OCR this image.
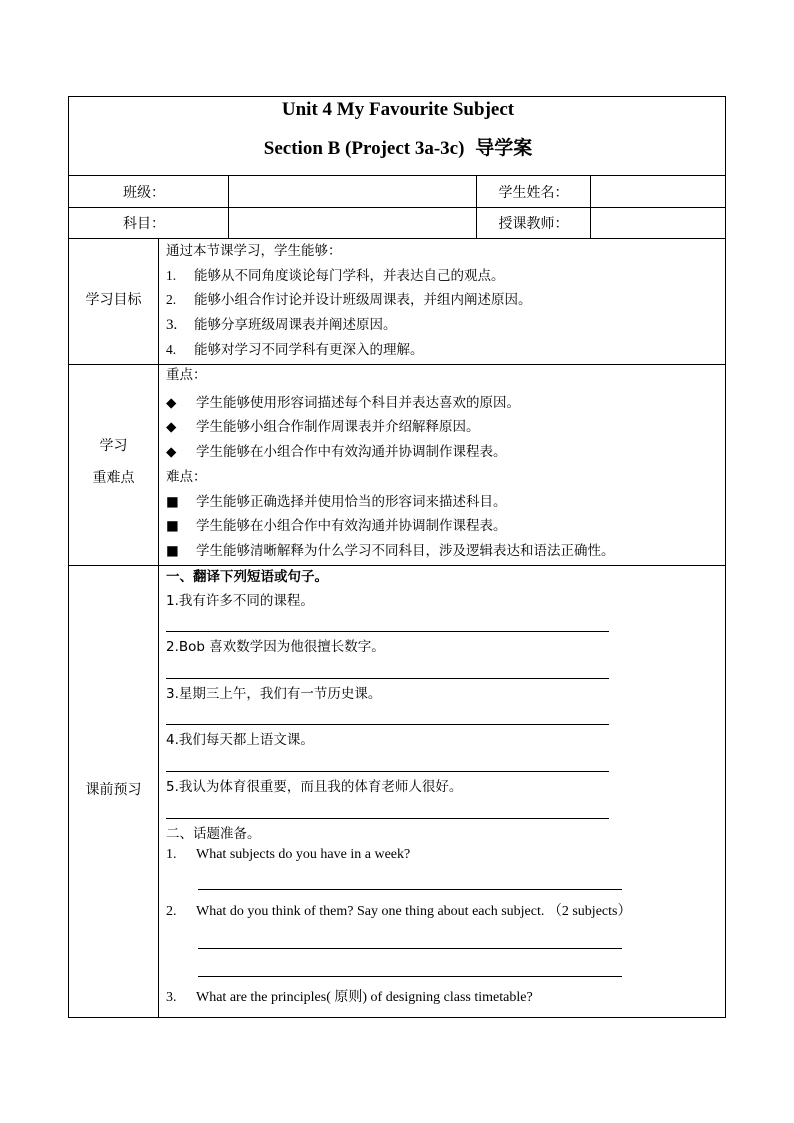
Unit 4 My Favourite Subject
Section B (Project 3a-3c) 导学案
班级：	学生姓名：
科目：	授课教师：
学习目标
通过本节课学习，学生能够：
1. 能够从不同角度谈论每门学科，并表达自己的观点。
2. 能够小组合作讨论并设计班级周课表，并组内阐述原因。
3. 能够分享班级周课表并阐述原因。
4. 能够对学习不同学科有更深入的理解。
学习
重难点
重点：
◆ 学生能够使用形容词描述每个科目并表达喜欢的原因。
◆ 学生能够小组合作制作周课表并介绍解释原因。
◆ 学生能够在小组合作中有效沟通并协调制作课程表。
难点：
■ 学生能够正确选择并使用恰当的形容词来描述科目。
■ 学生能够在小组合作中有效沟通并协调制作课程表。
■ 学生能够清晰解释为什么学习不同科目，涉及逻辑表达和语法正确性。
课前预习
一、翻译下列短语或句子。
1.我有许多不同的课程。
2.Bob 喜欢数学因为他很擅长数字。
3.星期三上午，我们有一节历史课。
4.我们每天都上语文课。
5.我认为体育很重要，而且我的体育老师人很好。
二、话题准备。
1. What subjects do you have in a week?
2. What do you think of them? Say one thing about each subject. （2 subjects）
3. What are the principles( 原则) of designing class timetable?
